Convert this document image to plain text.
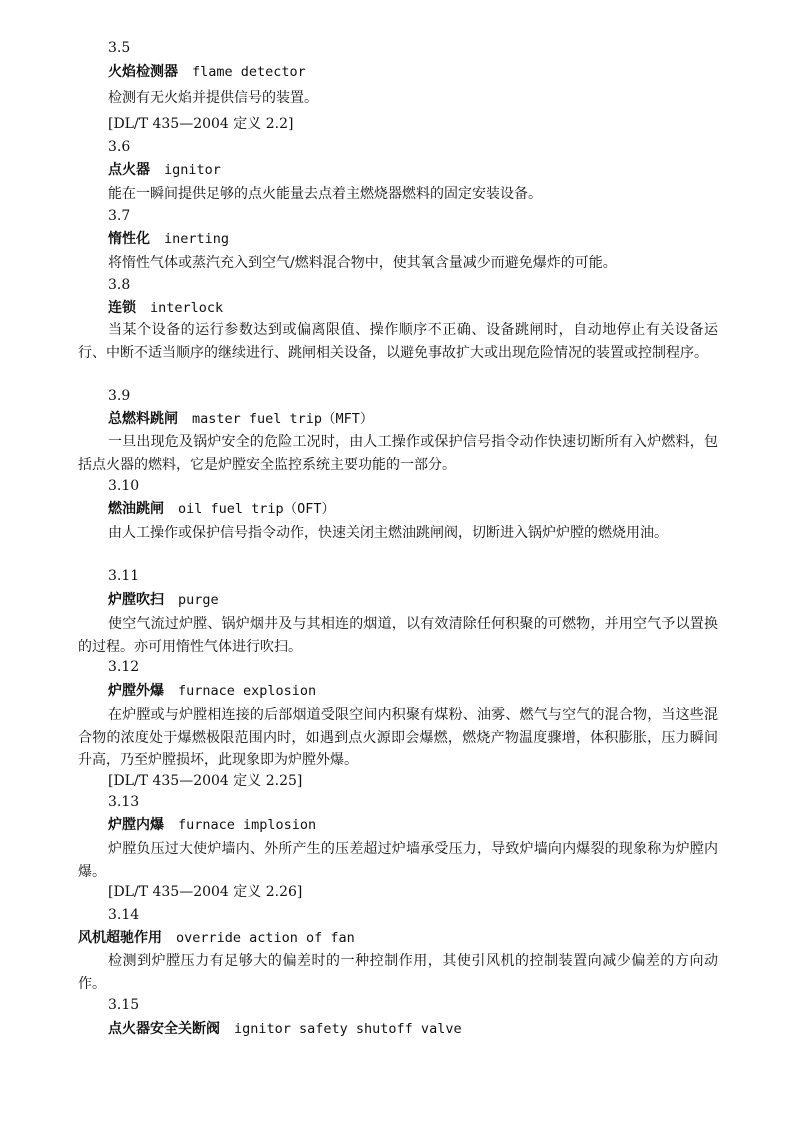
3.5
火焰检测器 flame detector
检测有无火焰并提供信号的装置。
[DL/T 435—2004 定义 2.2]
3.6
点火器 ignitor
能在一瞬间提供足够的点火能量去点着主燃烧器燃料的固定安装设备。
3.7
惰性化 inerting
将惰性气体或蒸汽充入到空气/燃料混合物中，使其氧含量减少而避免爆炸的可能。
3.8
连锁 interlock
当某个设备的运行参数达到或偏离限值、操作顺序不正确、设备跳闸时，自动地停止有关设备运行、中断不适当顺序的继续进行、跳闸相关设备，以避免事故扩大或出现危险情况的装置或控制程序。
3.9
总燃料跳闸 master fuel trip（MFT）
一旦出现危及锅炉安全的危险工况时，由人工操作或保护信号指令动作快速切断所有入炉燃料，包括点火器的燃料，它是炉膛安全监控系统主要功能的一部分。
3.10
燃油跳闸 oil fuel trip（OFT）
由人工操作或保护信号指令动作，快速关闭主燃油跳闸阀，切断进入锅炉炉膛的燃烧用油。
3.11
炉膛吹扫 purge
使空气流过炉膛、锅炉烟井及与其相连的烟道，以有效清除任何积聚的可燃物，并用空气予以置换的过程。亦可用惰性气体进行吹扫。
3.12
炉膛外爆 furnace explosion
在炉膛或与炉膛相连接的后部烟道受限空间内积聚有煤粉、油雾、燃气与空气的混合物，当这些混合物的浓度处于爆燃极限范围内时，如遇到点火源即会爆燃，燃烧产物温度骤增，体积膨胀，压力瞬间升高，乃至炉膛损坏，此现象即为炉膛外爆。
[DL/T 435—2004 定义 2.25]
3.13
炉膛内爆 furnace implosion
炉膛负压过大使炉墙内、外所产生的压差超过炉墙承受压力，导致炉墙向内爆裂的现象称为炉膛内爆。
[DL/T 435—2004 定义 2.26]
3.14
风机超驰作用 override action of fan
检测到炉膛压力有足够大的偏差时的一种控制作用，其使引风机的控制装置向减少偏差的方向动作。
3.15
点火器安全关断阀 ignitor safety shutoff valve
